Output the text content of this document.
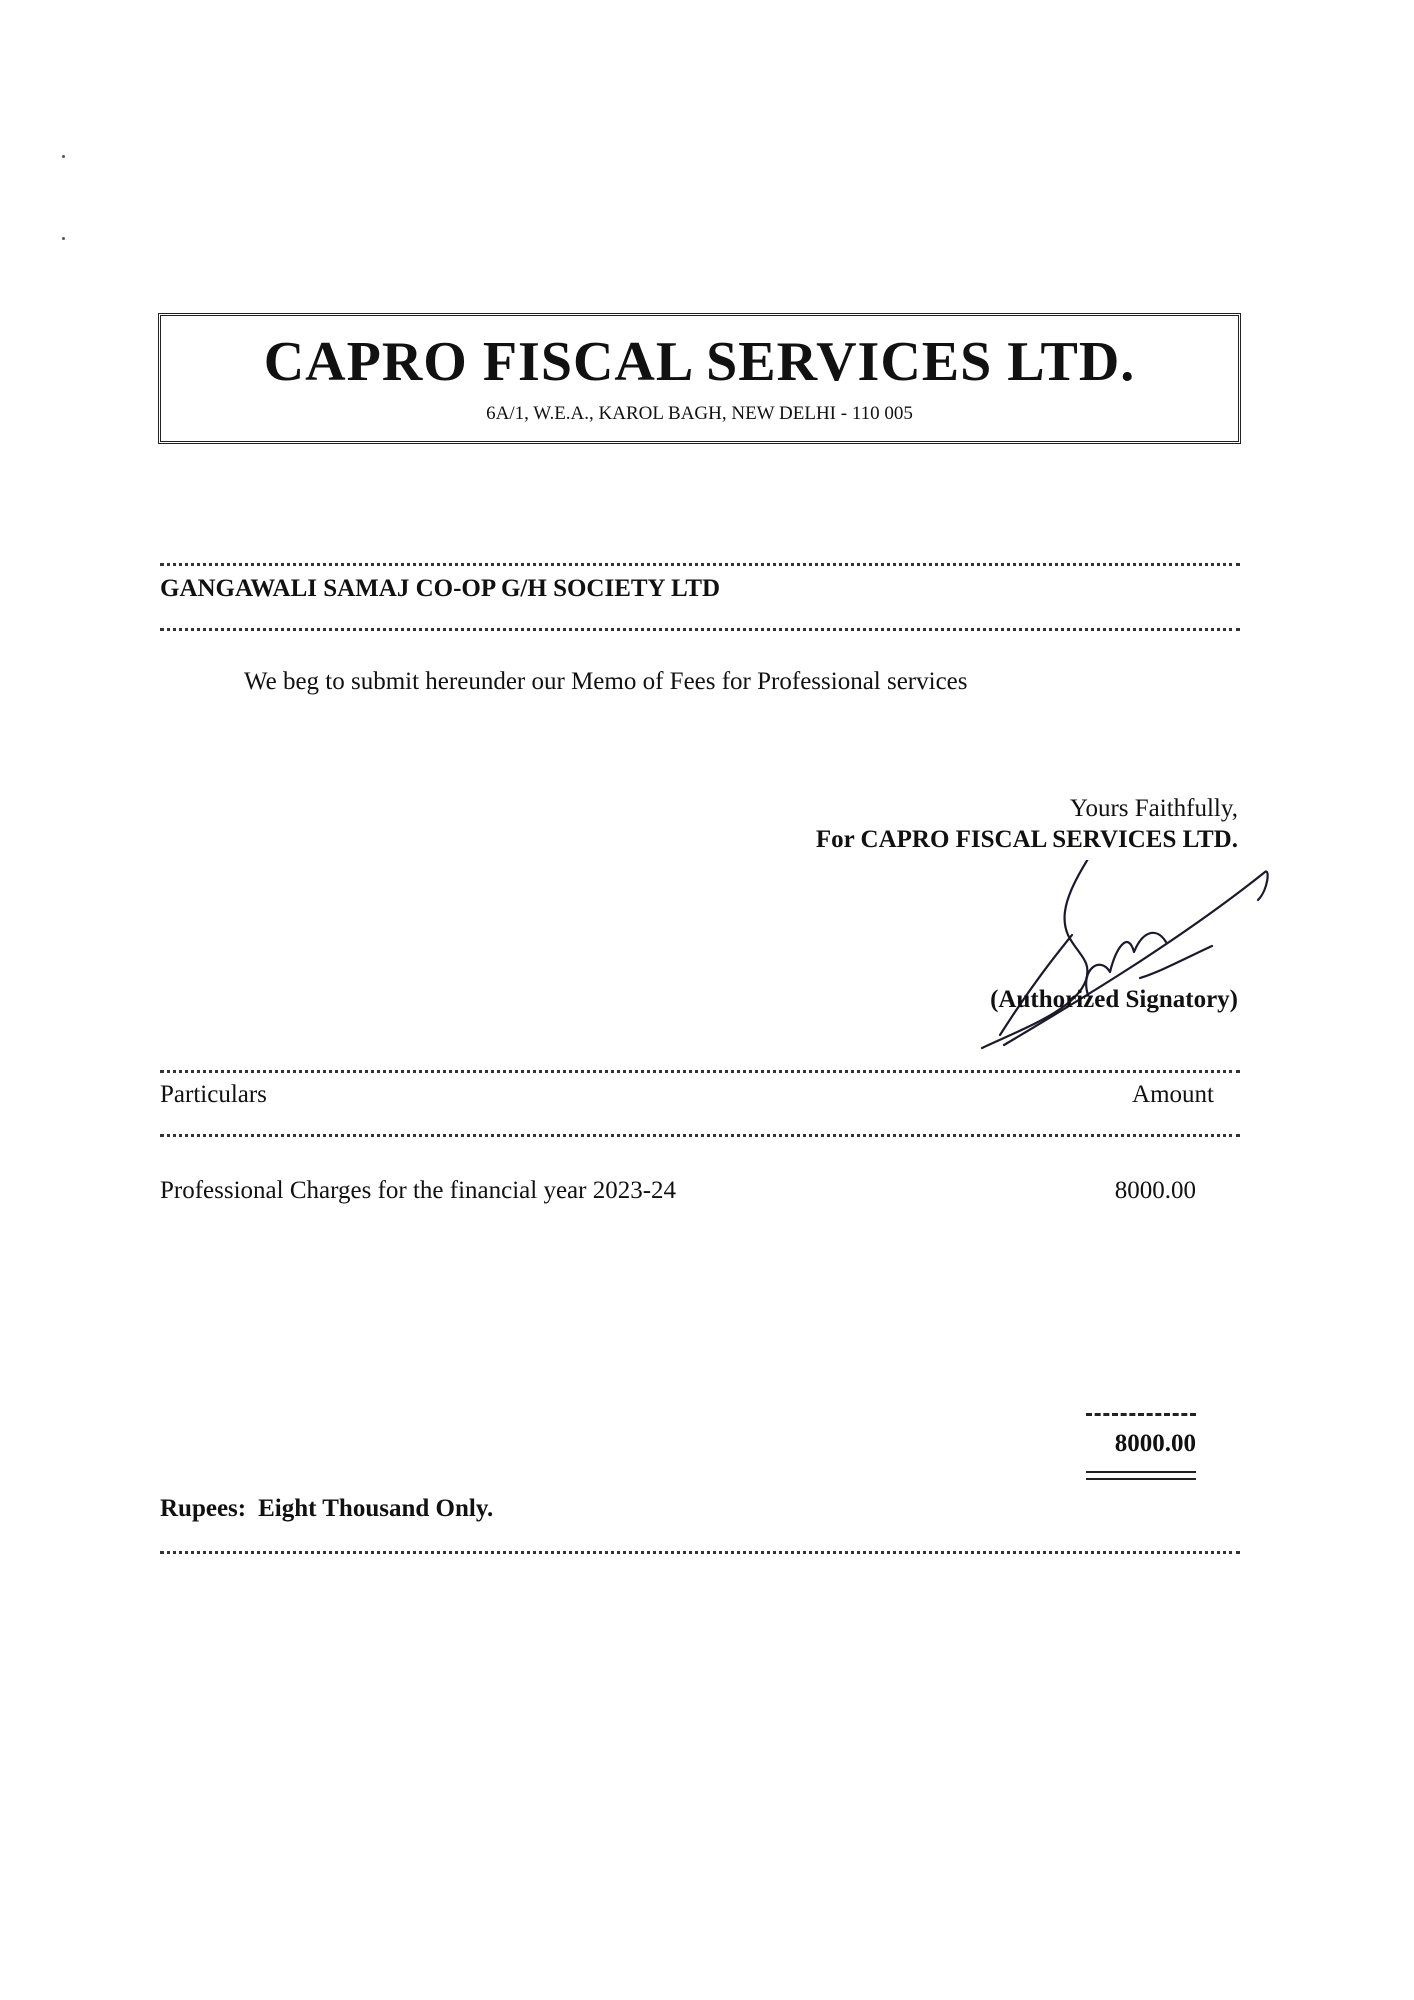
CAPRO FISCAL SERVICES LTD.
6A/1, W.E.A., KAROL BAGH, NEW DELHI - 110 005
GANGAWALI SAMAJ CO-OP G/H SOCIETY LTD
We beg to submit hereunder our Memo of Fees for Professional services
Yours Faithfully,
For CAPRO FISCAL SERVICES LTD.
(Authorized Signatory)
Particulars	Amount
Professional Charges for the financial year 2023-24	8000.00
8000.00
Rupees: Eight Thousand Only.
